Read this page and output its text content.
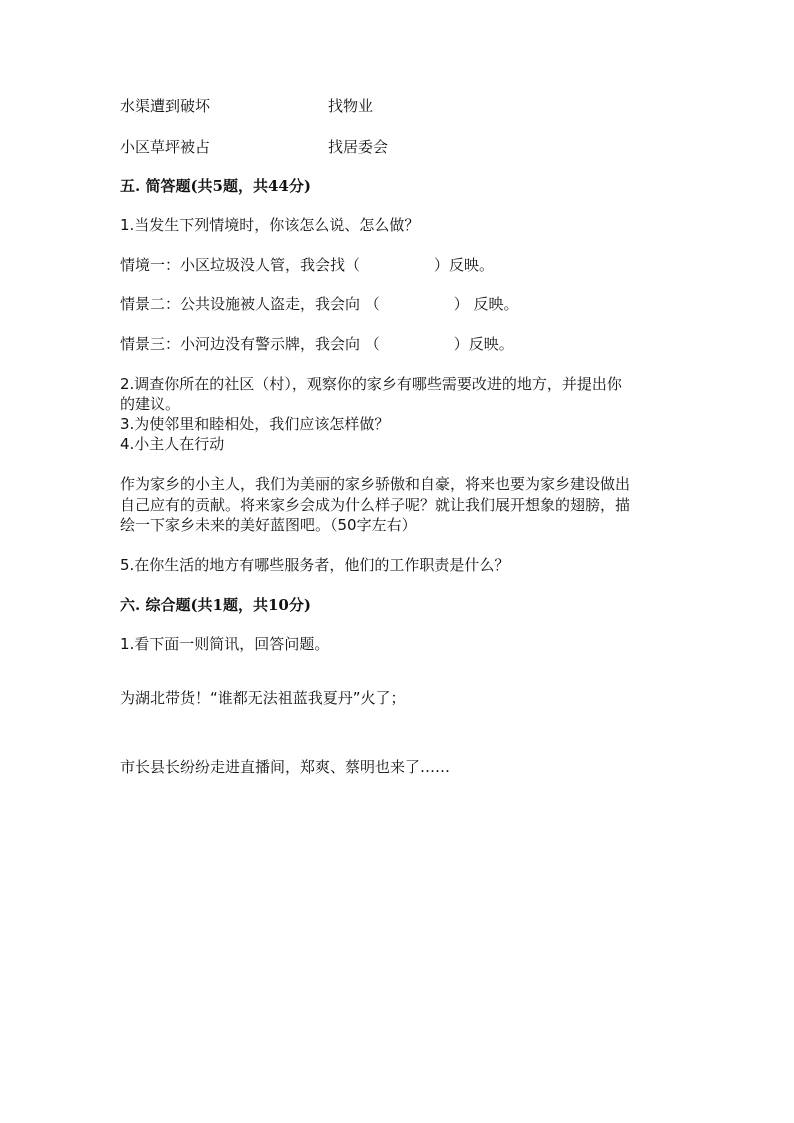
水渠遭到破坏	找物业
小区草坪被占	找居委会
五. 简答题(共5题，共44分)
1.当发生下列情境时，你该怎么说、怎么做？
情境一：小区垃圾没人管，我会找（	）反映。
情景二：公共设施被人盗走，我会向 （	） 反映。
情景三：小河边没有警示牌，我会向 （	）反映。
2.调查你所在的社区（村），观察你的家乡有哪些需要改进的地方，并提出你
的建议。
3.为使邻里和睦相处，我们应该怎样做？
4.小主人在行动
作为家乡的小主人，我们为美丽的家乡骄傲和自豪，将来也要为家乡建设做出
自己应有的贡献。将来家乡会成为什么样子呢？就让我们展开想象的翅膀，描
绘一下家乡未来的美好蓝图吧。（50字左右）
5.在你生活的地方有哪些服务者，他们的工作职责是什么？
六. 综合题(共1题，共10分)
1.看下面一则简讯，回答问题。
为湖北带货！“谁都无法祖蓝我夏丹”火了；
市长县长纷纷走进直播间，郑爽、蔡明也来了……
